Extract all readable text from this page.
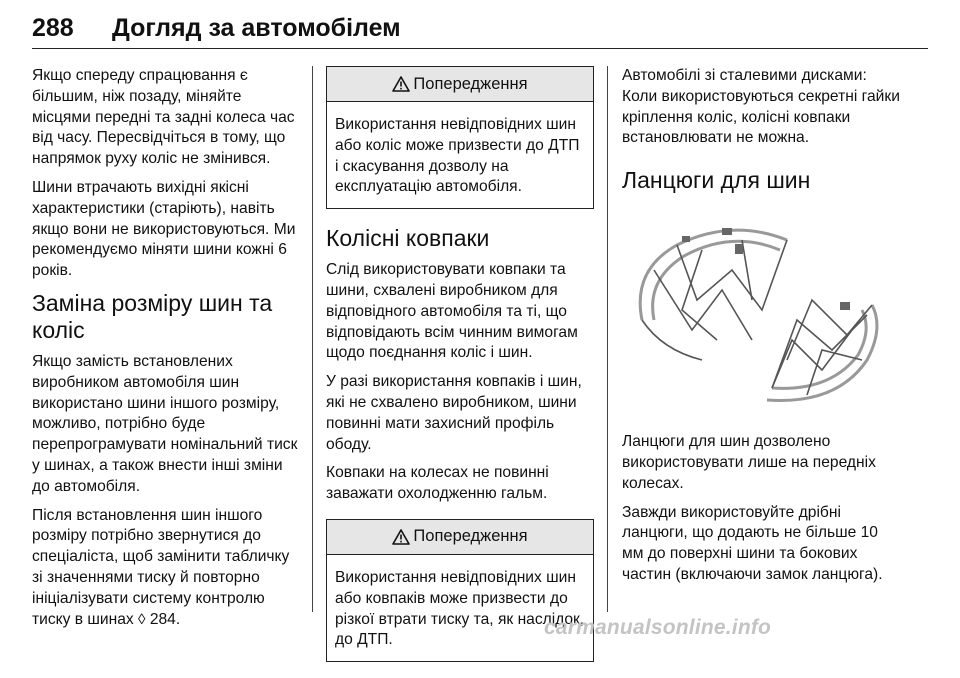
288 Догляд за автомобілем

Якщо спереду спрацювання є більшим, ніж позаду, міняйте місцями передні та задні колеса час від часу. Пересвідчіться в тому, що напрямок руху коліс не змінився.

Шини втрачають вихідні якісні характеристики (старіють), навіть якщо вони не використовуються. Ми рекомендуємо міняти шини кожні 6 років.

Заміна розміру шин та коліс

Якщо замість встановлених виробником автомобіля шин використано шини іншого розміру, можливо, потрібно буде перепрограмувати номінальний тиск у шинах, а також внести інші зміни до автомобіля.

Після встановлення шин іншого розміру потрібно звернутися до спеціаліста, щоб замінити табличку зі значеннями тиску й повторно ініціалізувати систему контролю тиску в шинах ◊ 284.

Попередження

Використання невідповідних шин або коліс може призвести до ДТП і скасування дозволу на експлуатацію автомобіля.

Колісні ковпаки

Слід використовувати ковпаки та шини, схвалені виробником для відповідного автомобіля та ті, що відповідають всім чинним вимогам щодо поєднання коліс і шин.

У разі використання ковпаків і шин, які не схвалено виробником, шини повинні мати захисний профіль ободу.

Ковпаки на колесах не повинні заважати охолодженню гальм.

Попередження

Використання невідповідних шин або ковпаків може призвести до різкої втрати тиску та, як наслідок, до ДТП.

Автомобілі зі сталевими дисками: Коли використовуються секретні гайки кріплення коліс, колісні ковпаки встановлювати не можна.

Ланцюги для шин

Ланцюги для шин дозволено використовувати лише на передніх колесах.

Завжди використовуйте дрібні ланцюги, що додають не більше 10 мм до поверхні шини та бокових частин (включаючи замок ланцюга).

carmanualsonline.info
